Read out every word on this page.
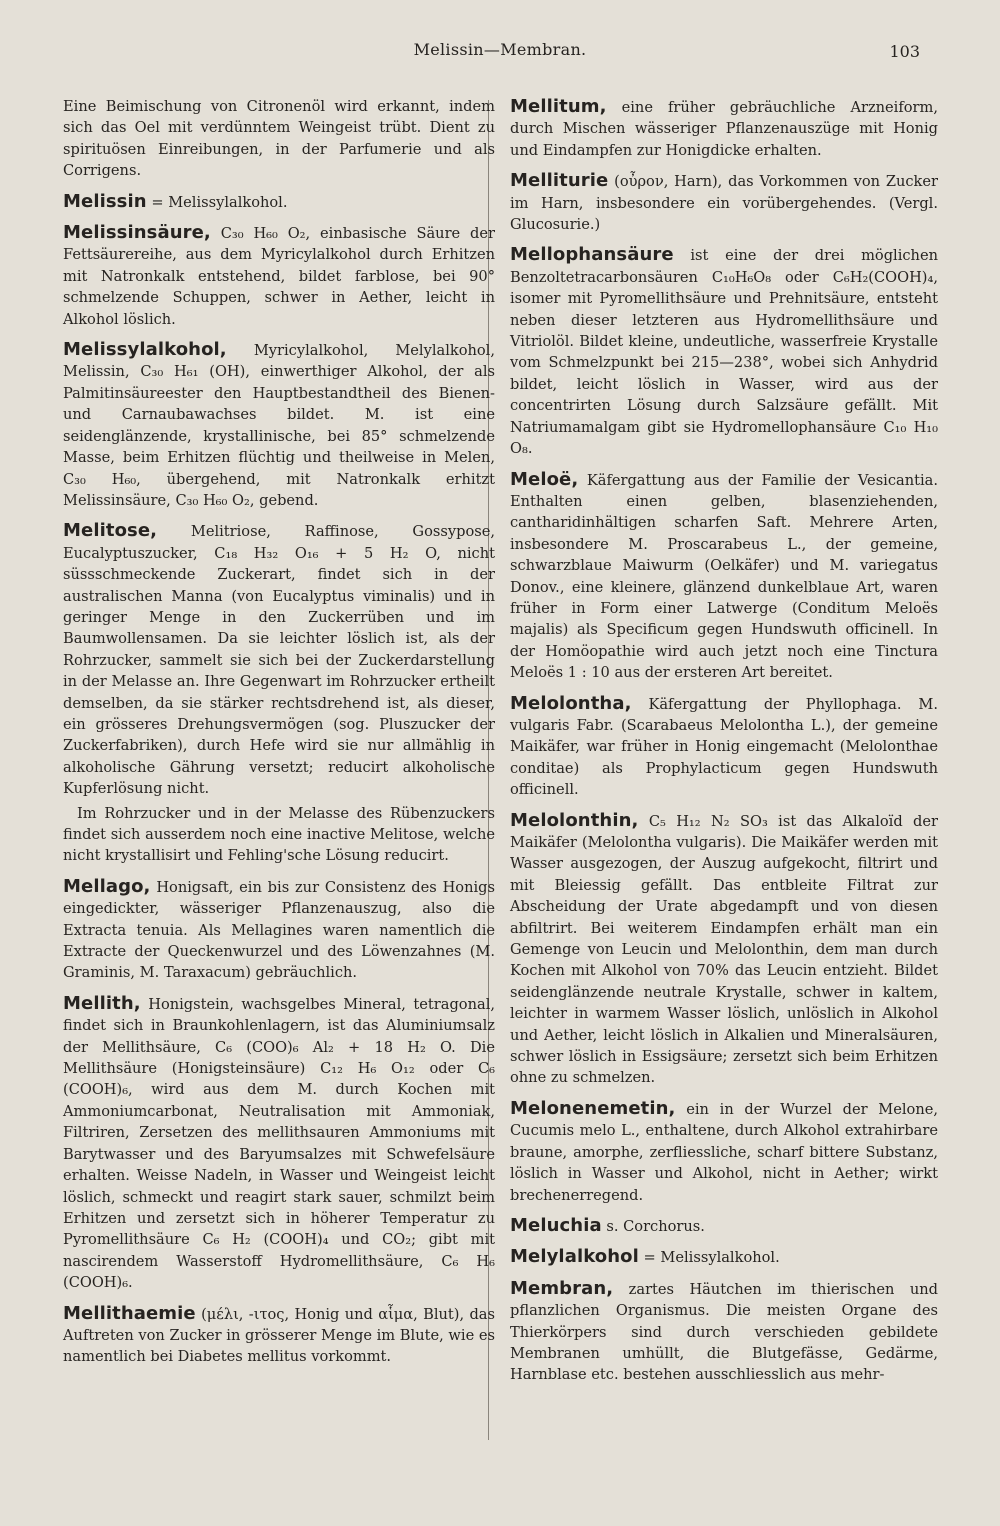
Melissin—Membran.	103

Eine Beimischung von Citronenöl wird erkannt, indem sich das Oel mit verdünntem Weingeist trübt. Dient zu spirituösen Einreibungen, in der Parfumerie und als Corrigens.

Melissin = Melissylalkohol.

Melissinsäure, C₃₀ H₆₀ O₂, einbasische Säure der Fettsäurereihe, aus dem Myricylalkohol durch Erhitzen mit Natronkalk entstehend, bildet farblose, bei 90° schmelzende Schuppen, schwer in Aether, leicht in Alkohol löslich.

Melissylalkohol, Myricylalkohol, Melylalkohol, Melissin, C₃₀ H₆₁ (OH), einwerthiger Alkohol, der als Palmitinsäureester den Hauptbestandtheil des Bienen- und Carnaubawachses bildet. M. ist eine seidenglänzende, krystallinische, bei 85° schmelzende Masse, beim Erhitzen flüchtig und theilweise in Melen, C₃₀ H₆₀, übergehend, mit Natronkalk erhitzt Melissinsäure, C₃₀ H₆₀ O₂, gebend.

Melitose, Melitriose, Raffinose, Gossypose, Eucalyptuszucker, C₁₈ H₃₂ O₁₆ + 5 H₂ O, nicht süssschmeckende Zuckerart, findet sich in der australischen Manna (von Eucalyptus viminalis) und in geringer Menge in den Zuckerrüben und im Baumwollensamen. Da sie leichter löslich ist, als der Rohrzucker, sammelt sie sich bei der Zuckerdarstellung in der Melasse an. Ihre Gegenwart im Rohrzucker ertheilt demselben, da sie stärker rechtsdrehend ist, als dieser, ein grösseres Drehungsvermögen (sog. Pluszucker der Zuckerfabriken), durch Hefe wird sie nur allmählig in alkoholische Gährung versetzt; reducirt alkoholische Kupferlösung nicht.

Im Rohrzucker und in der Melasse des Rübenzuckers findet sich ausserdem noch eine inactive Melitose, welche nicht krystallisirt und Fehling'sche Lösung reducirt.

Mellago, Honigsaft, ein bis zur Consistenz des Honigs eingedickter, wässeriger Pflanzenauszug, also die Extracta tenuia. Als Mellagines waren namentlich die Extracte der Queckenwurzel und des Löwenzahnes (M. Graminis, M. Taraxacum) gebräuchlich.

Mellith, Honigstein, wachsgelbes Mineral, tetragonal, findet sich in Braunkohlenlagern, ist das Aluminiumsalz der Mellithsäure, C₆ (COO)₆ Al₂ + 18 H₂ O. Die Mellithsäure (Honigsteinsäure) C₁₂ H₆ O₁₂ oder C₆ (COOH)₆, wird aus dem M. durch Kochen mit Ammoniumcarbonat, Neutralisation mit Ammoniak, Filtriren, Zersetzen des mellithsauren Ammoniums mit Barytwasser und des Baryumsalzes mit Schwefelsäure erhalten. Weisse Nadeln, in Wasser und Weingeist leicht löslich, schmeckt und reagirt stark sauer, schmilzt beim Erhitzen und zersetzt sich in höherer Temperatur zu Pyromellithsäure C₆ H₂ (COOH)₄ und CO₂; gibt mit nascirendem Wasserstoff Hydromellithsäure, C₆ H₆ (COOH)₆.

Mellithaemie (μέλι, -ιτος, Honig und αἷμα, Blut), das Auftreten von Zucker in grösserer Menge im Blute, wie es namentlich bei Diabetes mellitus vorkommt.

Mellitum, eine früher gebräuchliche Arzneiform, durch Mischen wässeriger Pflanzenauszüge mit Honig und Eindampfen zur Honigdicke erhalten.

Melliturie (οὖρον, Harn), das Vorkommen von Zucker im Harn, insbesondere ein vorübergehendes. (Vergl. Glucosurie.)

Mellophansäure ist eine der drei möglichen Benzoltetracarbonsäuren C₁₀H₆O₈ oder C₆H₂(COOH)₄, isomer mit Pyromellithsäure und Prehnitsäure, entsteht neben dieser letzteren aus Hydromellithsäure und Vitriolöl. Bildet kleine, undeutliche, wasserfreie Krystalle vom Schmelzpunkt bei 215—238°, wobei sich Anhydrid bildet, leicht löslich in Wasser, wird aus der concentrirten Lösung durch Salzsäure gefällt. Mit Natriumamalgam gibt sie Hydromellophansäure C₁₀ H₁₀ O₈.

Meloë, Käfergattung aus der Familie der Vesicantia. Enthalten einen gelben, blasenziehenden, cantharidinhältigen scharfen Saft. Mehrere Arten, insbesondere M. Proscarabeus L., der gemeine, schwarzblaue Maiwurm (Oelkäfer) und M. variegatus Donov., eine kleinere, glänzend dunkelblaue Art, waren früher in Form einer Latwerge (Conditum Meloës majalis) als Specificum gegen Hundswuth officinell. In der Homöopathie wird auch jetzt noch eine Tinctura Meloës 1 : 10 aus der ersteren Art bereitet.

Melolontha, Käfergattung der Phyllophaga. M. vulgaris Fabr. (Scarabaeus Melolontha L.), der gemeine Maikäfer, war früher in Honig eingemacht (Melolonthae conditae) als Prophylacticum gegen Hundswuth officinell.

Melolonthin, C₅ H₁₂ N₂ SO₃ ist das Alkaloïd der Maikäfer (Melolontha vulgaris). Die Maikäfer werden mit Wasser ausgezogen, der Auszug aufgekocht, filtrirt und mit Bleiessig gefällt. Das entbleite Filtrat zur Abscheidung der Urate abgedampft und von diesen abfiltrirt. Bei weiterem Eindampfen erhält man ein Gemenge von Leucin und Melolonthin, dem man durch Kochen mit Alkohol von 70% das Leucin entzieht. Bildet seidenglänzende neutrale Krystalle, schwer in kaltem, leichter in warmem Wasser löslich, unlöslich in Alkohol und Aether, leicht löslich in Alkalien und Mineralsäuren, schwer löslich in Essigsäure; zersetzt sich beim Erhitzen ohne zu schmelzen.

Melonenemetin, ein in der Wurzel der Melone, Cucumis melo L., enthaltene, durch Alkohol extrahirbare braune, amorphe, zerfliessliche, scharf bittere Substanz, löslich in Wasser und Alkohol, nicht in Aether; wirkt brechenerregend.

Meluchia s. Corchorus.

Melylalkohol = Melissylalkohol.

Membran, zartes Häutchen im thierischen und pflanzlichen Organismus. Die meisten Organe des Thierkörpers sind durch verschieden gebildete Membranen umhüllt, die Blutgefässe, Gedärme, Harnblase etc. bestehen ausschliesslich aus mehr-
